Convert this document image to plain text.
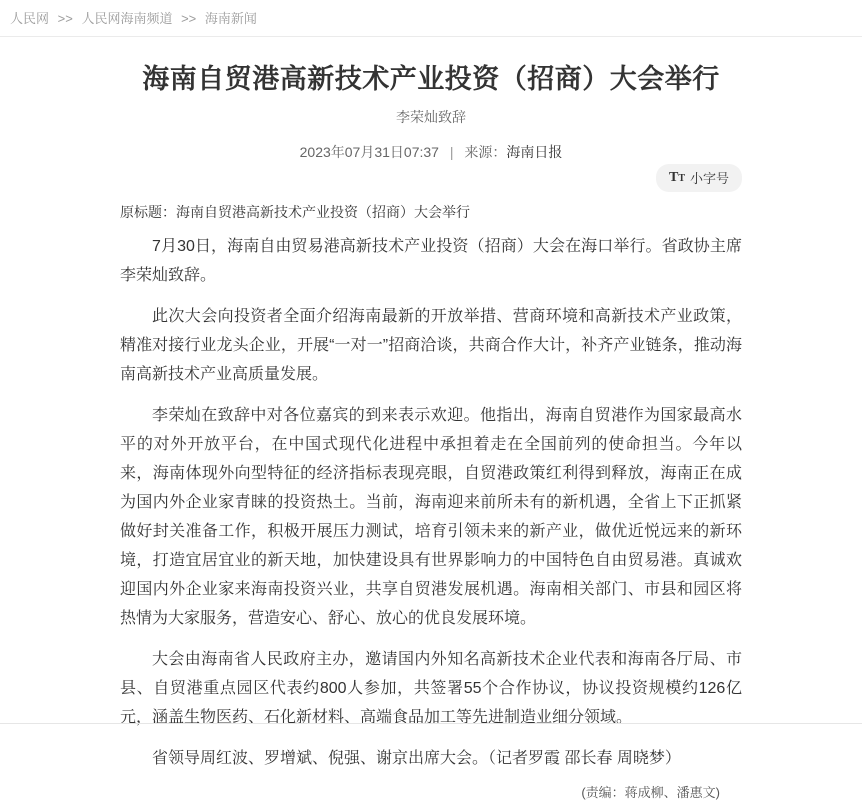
人民网 >> 人民网海南频道 >> 海南新闻
海南自贸港高新技术产业投资（招商）大会举行
李荣灿致辞
2023年07月31日07:37 | 来源：海南日报
TT 小字号

原标题：海南自贸港高新技术产业投资（招商）大会举行

7月30日，海南自由贸易港高新技术产业投资（招商）大会在海口举行。省政协主席李荣灿致辞。

此次大会向投资者全面介绍海南最新的开放举措、营商环境和高新技术产业政策，精准对接行业龙头企业，开展“一对一”招商洽谈，共商合作大计，补齐产业链条，推动海南高新技术产业高质量发展。

李荣灿在致辞中对各位嘉宾的到来表示欢迎。他指出，海南自贸港作为国家最高水平的对外开放平台，在中国式现代化进程中承担着走在全国前列的使命担当。今年以来，海南体现外向型特征的经济指标表现亮眼，自贸港政策红利得到释放，海南正在成为国内外企业家青睐的投资热土。当前，海南迎来前所未有的新机遇，全省上下正抓紧做好封关准备工作，积极开展压力测试，培育引领未来的新产业，做优近悦远来的新环境，打造宜居宜业的新天地，加快建设具有世界影响力的中国特色自由贸易港。真诚欢迎国内外企业家来海南投资兴业，共享自贸港发展机遇。海南相关部门、市县和园区将热情为大家服务，营造安心、舒心、放心的优良发展环境。

大会由海南省人民政府主办，邀请国内外知名高新技术企业代表和海南各厅局、市县、自贸港重点园区代表约800人参加，共签署55个合作协议，协议投资规模约126亿元，涵盖生物医药、石化新材料、高端食品加工等先进制造业细分领域。

省领导周红波、罗增斌、倪强、谢京出席大会。（记者罗霞 邵长春 周晓梦）

(责编：蒋成柳、潘惠文)
